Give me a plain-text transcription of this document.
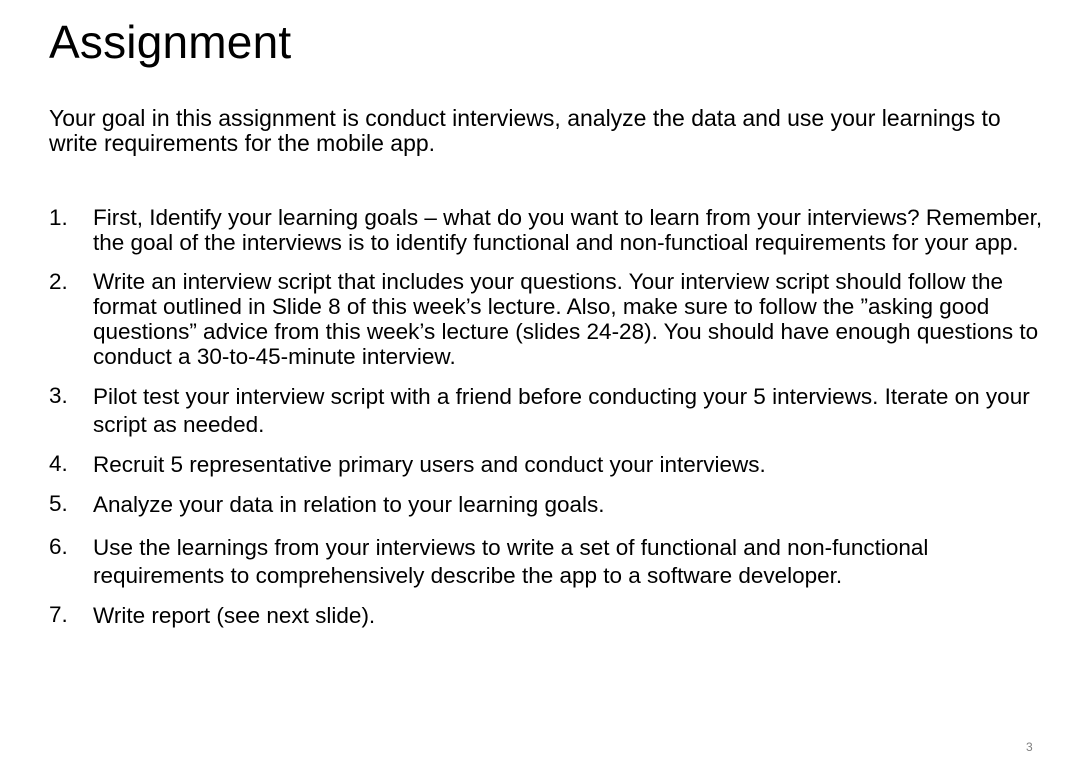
Assignment

Your goal in this assignment is conduct interviews, analyze the data and use your learnings to write requirements for the mobile app.

1.	First, Identify your learning goals – what do you want to learn from your interviews? Remember, the goal of the interviews is to identify functional and non-functioal requirements for your app.
2.	Write an interview script that includes your questions. Your interview script should follow the format outlined in Slide 8 of this week’s lecture. Also, make sure to follow the ”asking good questions” advice from this week’s lecture (slides 24-28). You should have enough questions to conduct a 30-to-45-minute interview.
3.	Pilot test your interview script with a friend before conducting your 5 interviews. Iterate on your script as needed.
4.	Recruit 5 representative primary users and conduct your interviews.
5.	Analyze your data in relation to your learning goals.
6.	Use the learnings from your interviews to write a set of functional and non-functional requirements to comprehensively describe the app to a software developer.
7.	Write report (see next slide).
3
